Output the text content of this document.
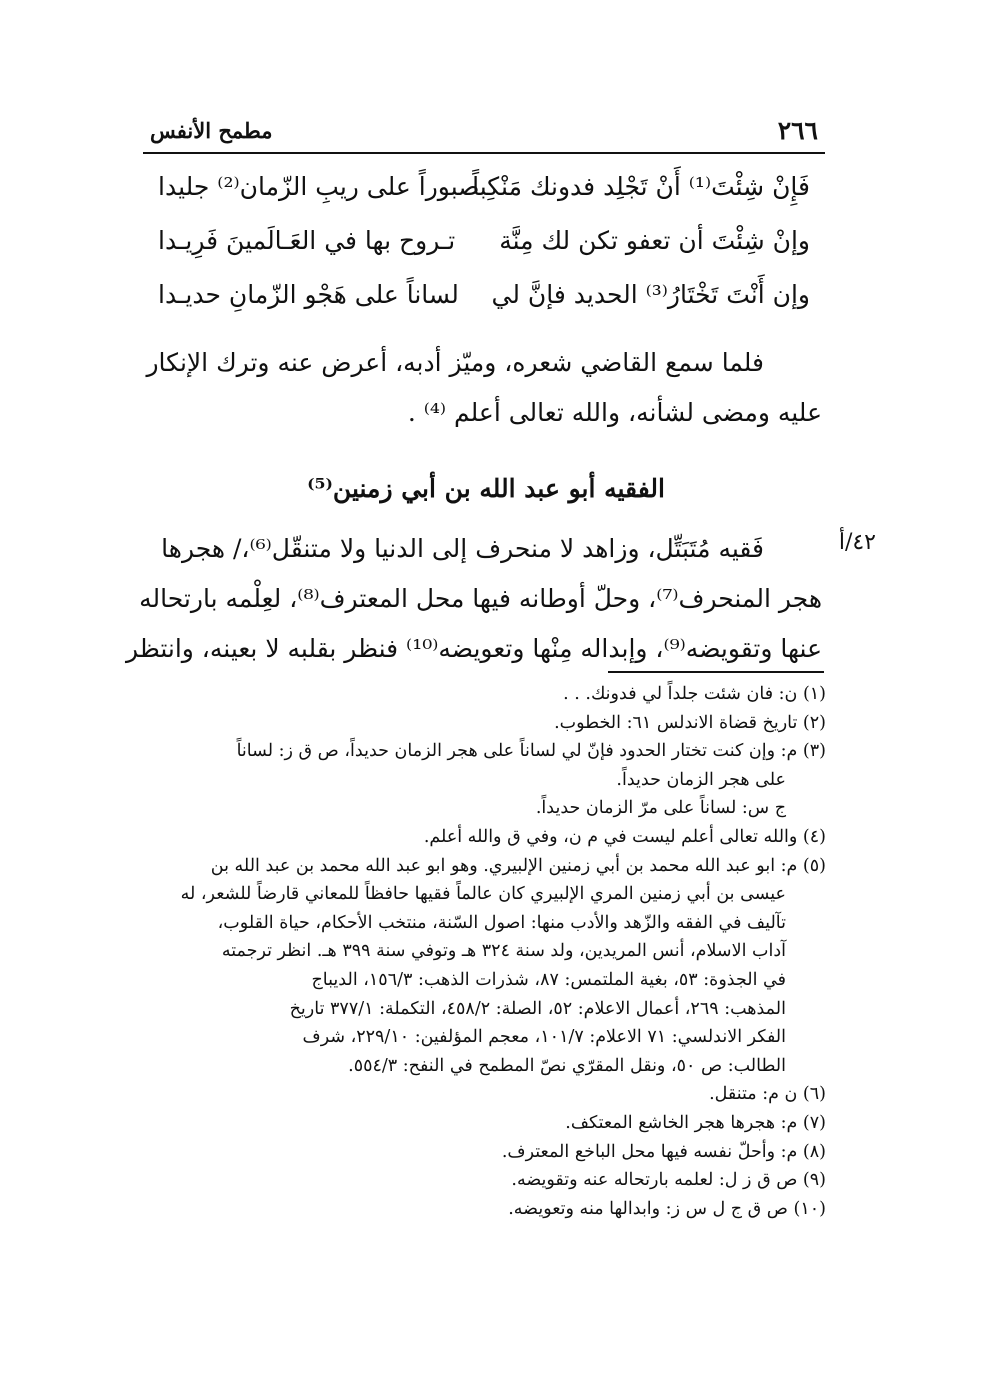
٢٦٦
مطمح الأنفس
فَإِنْ شِئْتَ⁽¹⁾ أَنْ تَجْلِد فدونك مَنْكِباً
صبوراً على ريبِ الزّمان⁽²⁾ جليدا
وإنْ شِئْتَ أن تعفو تكن لك مِنَّة
تـروح بها في العَـالَمينَ فَرِيـدا
وإن أَنْتَ تَخْتَارُ⁽³⁾ الحديد فإنَّ لي
لساناً على هَجْو الزّمانِ حديـدا
فلما سمع القاضي شعره، وميّز أدبه، أعرض عنه وترك الإنكار
عليه ومضى لشأنه، والله تعالى أعلم ⁽⁴⁾ .
الفقيه أبو عبد الله بن أبي زمنين⁽⁵⁾
٤٢/أ
فَقيه مُتَبَتِّل، وزاهد لا منحرف إلى الدنيا ولا متنقّل⁽⁶⁾،/ هجرها
هجر المنحرف⁽⁷⁾، وحلّ أوطانه فيها محل المعترف⁽⁸⁾، لعِلْمه بارتحاله
عنها وتقويضه⁽⁹⁾، وإبداله مِنْها وتعويضه⁽¹⁰⁾ فنظر بقلبه لا بعينه، وانتظر
(١) ن: فان شئت جلداً لي فدونك. . .
(٢) تاريخ قضاة الاندلس ٦١: الخطوب.
(٣) م: وإن كنت تختار الحدود فإنّ لي لساناً على هجر الزمان حديداً، ص ق ز: لساناً
على هجر الزمان حديداً.
ج س: لساناً على مرّ الزمان حديداً.
(٤) والله تعالى أعلم ليست في م ن، وفي ق والله أعلم.
(٥) م: ابو عبد الله محمد بن أبي زمنين الإلبيري. وهو ابو عبد الله محمد بن عبد الله بن
عيسى بن أبي زمنين المري الإلبيري كان عالماً فقيها حافظاً للمعاني قارضاً للشعر، له
تآليف في الفقه والزّهد والأدب منها: اصول السّنة، منتخب الأحكام، حياة القلوب،
آداب الاسلام، أنس المريدين، ولد سنة ٣٢٤ هـ وتوفي سنة ٣٩٩ هـ. انظر ترجمته
في الجذوة: ٥٣، بغية الملتمس: ٨٧، شذرات الذهب: ١٥٦/٣، الديباج
المذهب: ٢٦٩، أعمال الاعلام: ٥٢، الصلة: ٤٥٨/٢، التكملة: ٣٧٧/١ تاريخ
الفكر الاندلسي: ٧١ الاعلام: ١٠١/٧، معجم المؤلفين: ٢٢٩/١٠، شرف
الطالب: ص ٥٠، ونقل المقرّي نصّ المطمح في النفح: ٥٥٤/٣.
(٦) ن م: متنقل.
(٧) م: هجرها هجر الخاشع المعتكف.
(٨) م: وأحلّ نفسه فيها محل الباخع المعترف.
(٩) ص ق ز ل: لعلمه بارتحاله عنه وتقويضه.
(١٠) ص ق ج ل س ز: وابدالها منه وتعويضه.
